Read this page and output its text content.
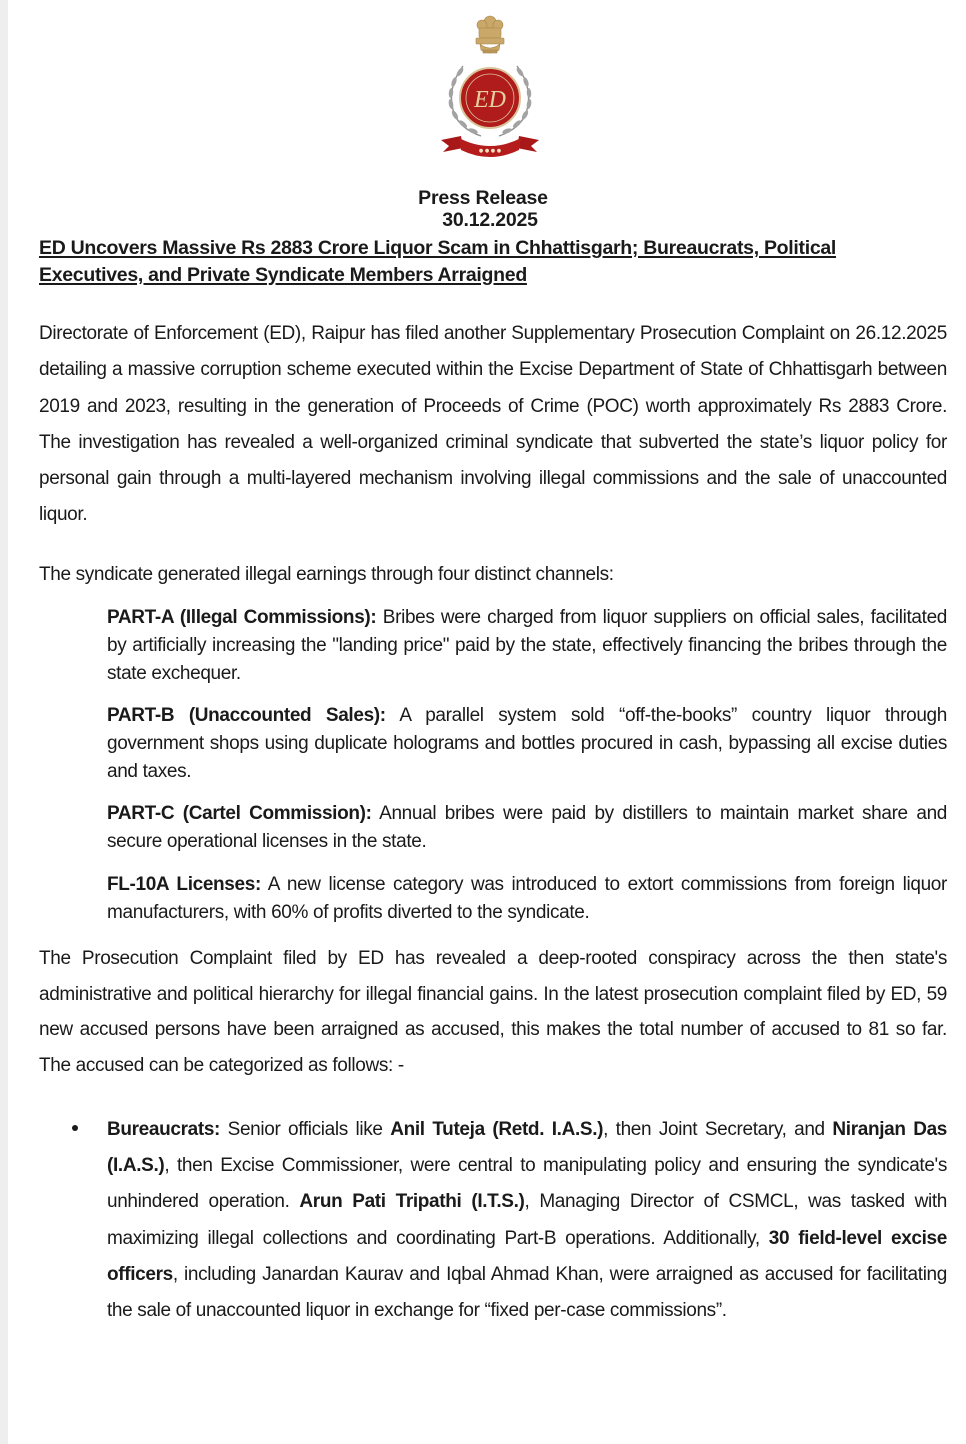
ED
● ● ● ●
Press Release
30.12.2025
ED Uncovers Massive Rs 2883 Crore Liquor Scam in Chhattisgarh; Bureaucrats, Political
Executives, and Private Syndicate Members Arraigned
Directorate of Enforcement (ED), Raipur has filed another Supplementary Prosecution Complaint on 26.12.2025 detailing a massive corruption scheme executed within the Excise Department of State of Chhattisgarh between 2019 and 2023, resulting in the generation of Proceeds of Crime (POC) worth approximately Rs 2883 Crore. The investigation has revealed a well-organized criminal syndicate that subverted the state’s liquor policy for personal gain through a multi-layered mechanism involving illegal commissions and the sale of unaccounted liquor.
The syndicate generated illegal earnings through four distinct channels:
PART-A (Illegal Commissions): Bribes were charged from liquor suppliers on official sales, facilitated by artificially increasing the "landing price" paid by the state, effectively financing the bribes through the state exchequer.
PART-B (Unaccounted Sales): A parallel system sold “off-the-books” country liquor through government shops using duplicate holograms and bottles procured in cash, bypassing all excise duties and taxes.
PART-C (Cartel Commission): Annual bribes were paid by distillers to maintain market share and secure operational licenses in the state.
FL-10A Licenses: A new license category was introduced to extort commissions from foreign liquor manufacturers, with 60% of profits diverted to the syndicate.
The Prosecution Complaint filed by ED has revealed a deep-rooted conspiracy across the then state's administrative and political hierarchy for illegal financial gains. In the latest prosecution complaint filed by ED, 59 new accused persons have been arraigned as accused, this makes the total number of accused to 81 so far. The accused can be categorized as follows: -
Bureaucrats: Senior officials like Anil Tuteja (Retd. I.A.S.), then Joint Secretary, and Niranjan Das (I.A.S.), then Excise Commissioner, were central to manipulating policy and ensuring the syndicate's unhindered operation. Arun Pati Tripathi (I.T.S.), Managing Director of CSMCL, was tasked with maximizing illegal collections and coordinating Part-B operations. Additionally, 30 field-level excise officers, including Janardan Kaurav and Iqbal Ahmad Khan, were arraigned as accused for facilitating the sale of unaccounted liquor in exchange for “fixed per-case commissions”.
